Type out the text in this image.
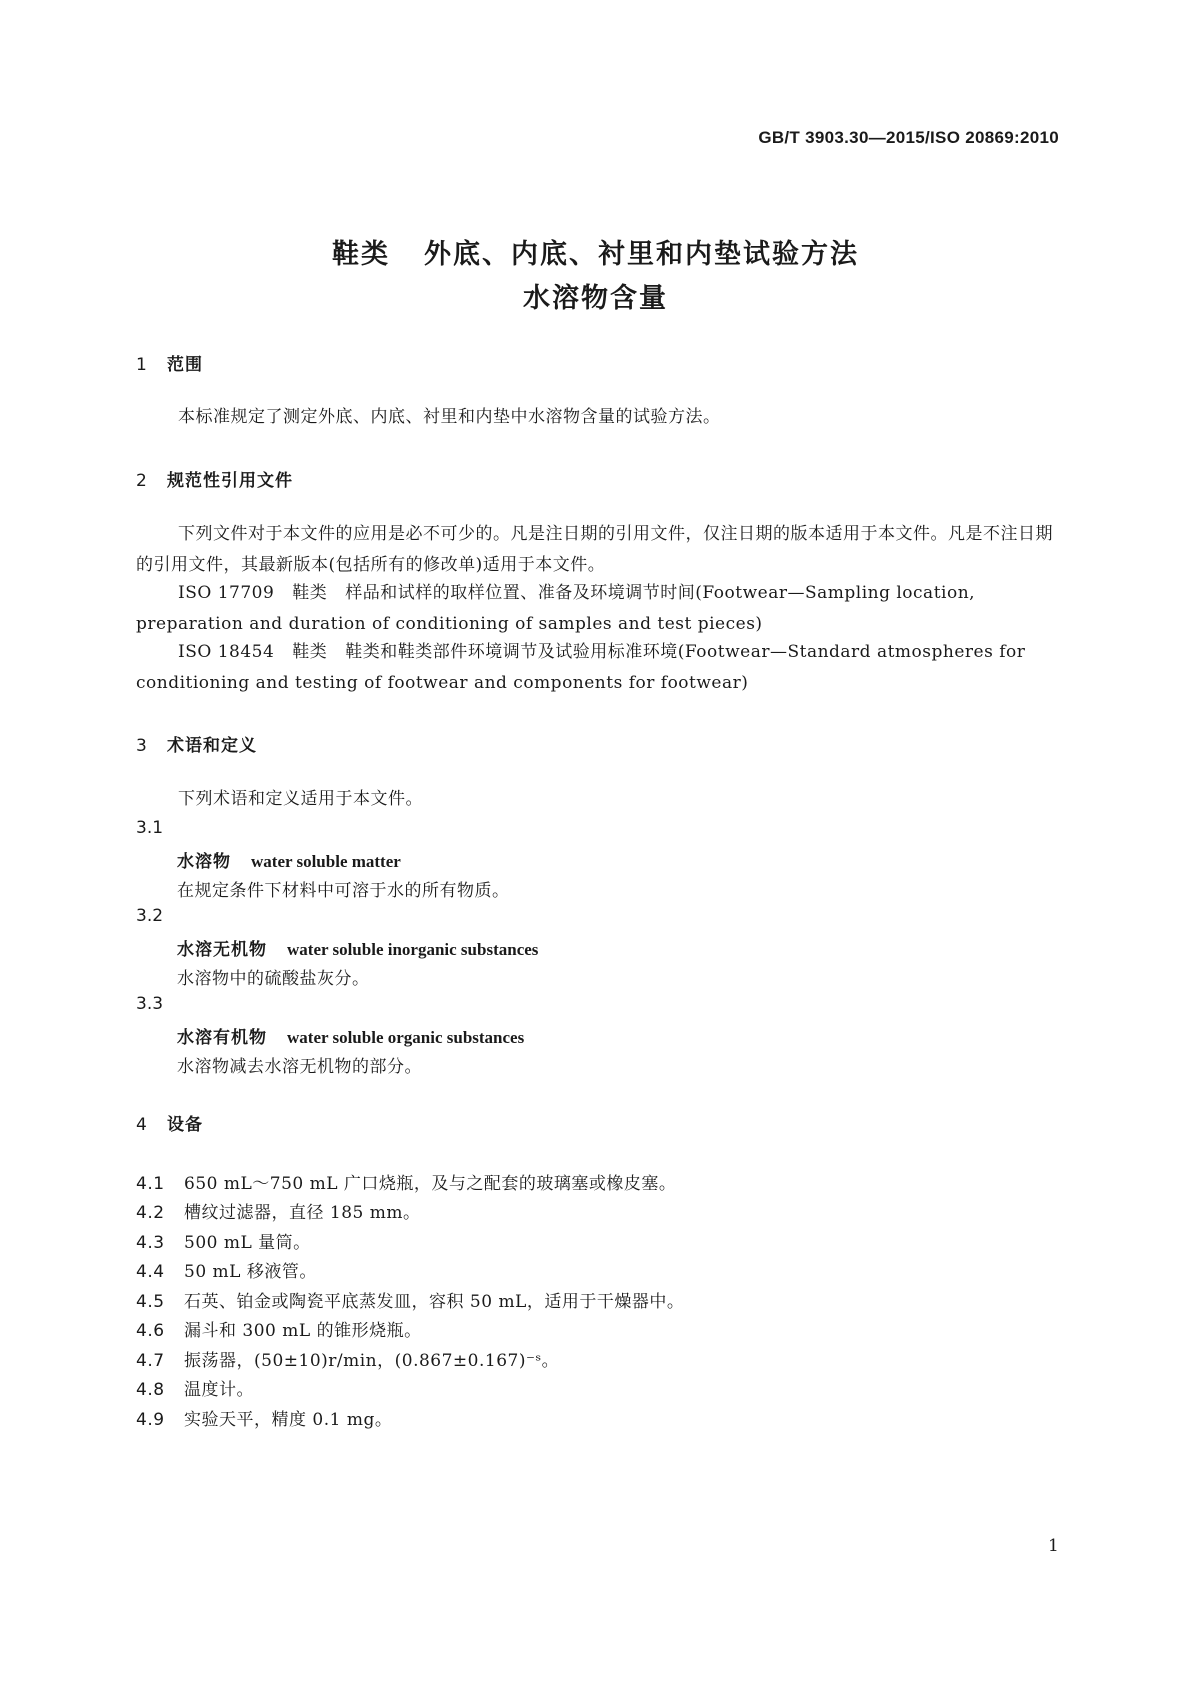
GB/T 3903.30—2015/ISO 20869:2010
鞋类 外底、内底、衬里和内垫试验方法
水溶物含量
1 范围
本标准规定了测定外底、内底、衬里和内垫中水溶物含量的试验方法。
2 规范性引用文件
下列文件对于本文件的应用是必不可少的。凡是注日期的引用文件，仅注日期的版本适用于本文件。凡是不注日期的引用文件，其最新版本(包括所有的修改单)适用于本文件。
ISO 17709 鞋类 样品和试样的取样位置、准备及环境调节时间(Footwear—Sampling location, preparation and duration of conditioning of samples and test pieces)
ISO 18454 鞋类 鞋类和鞋类部件环境调节及试验用标准环境(Footwear—Standard atmospheres for conditioning and testing of footwear and components for footwear)
3 术语和定义
下列术语和定义适用于本文件。
3.1
水溶物 water soluble matter
在规定条件下材料中可溶于水的所有物质。
3.2
水溶无机物 water soluble inorganic substances
水溶物中的硫酸盐灰分。
3.3
水溶有机物 water soluble organic substances
水溶物减去水溶无机物的部分。
4 设备
4.1 650 mL～750 mL 广口烧瓶，及与之配套的玻璃塞或橡皮塞。
4.2 槽纹过滤器，直径 185 mm。
4.3 500 mL 量筒。
4.4 50 mL 移液管。
4.5 石英、铂金或陶瓷平底蒸发皿，容积 50 mL，适用于干燥器中。
4.6 漏斗和 300 mL 的锥形烧瓶。
4.7 振荡器，(50±10)r/min，(0.867±0.167)⁻ˢ。
4.8 温度计。
4.9 实验天平，精度 0.1 mg。
1
